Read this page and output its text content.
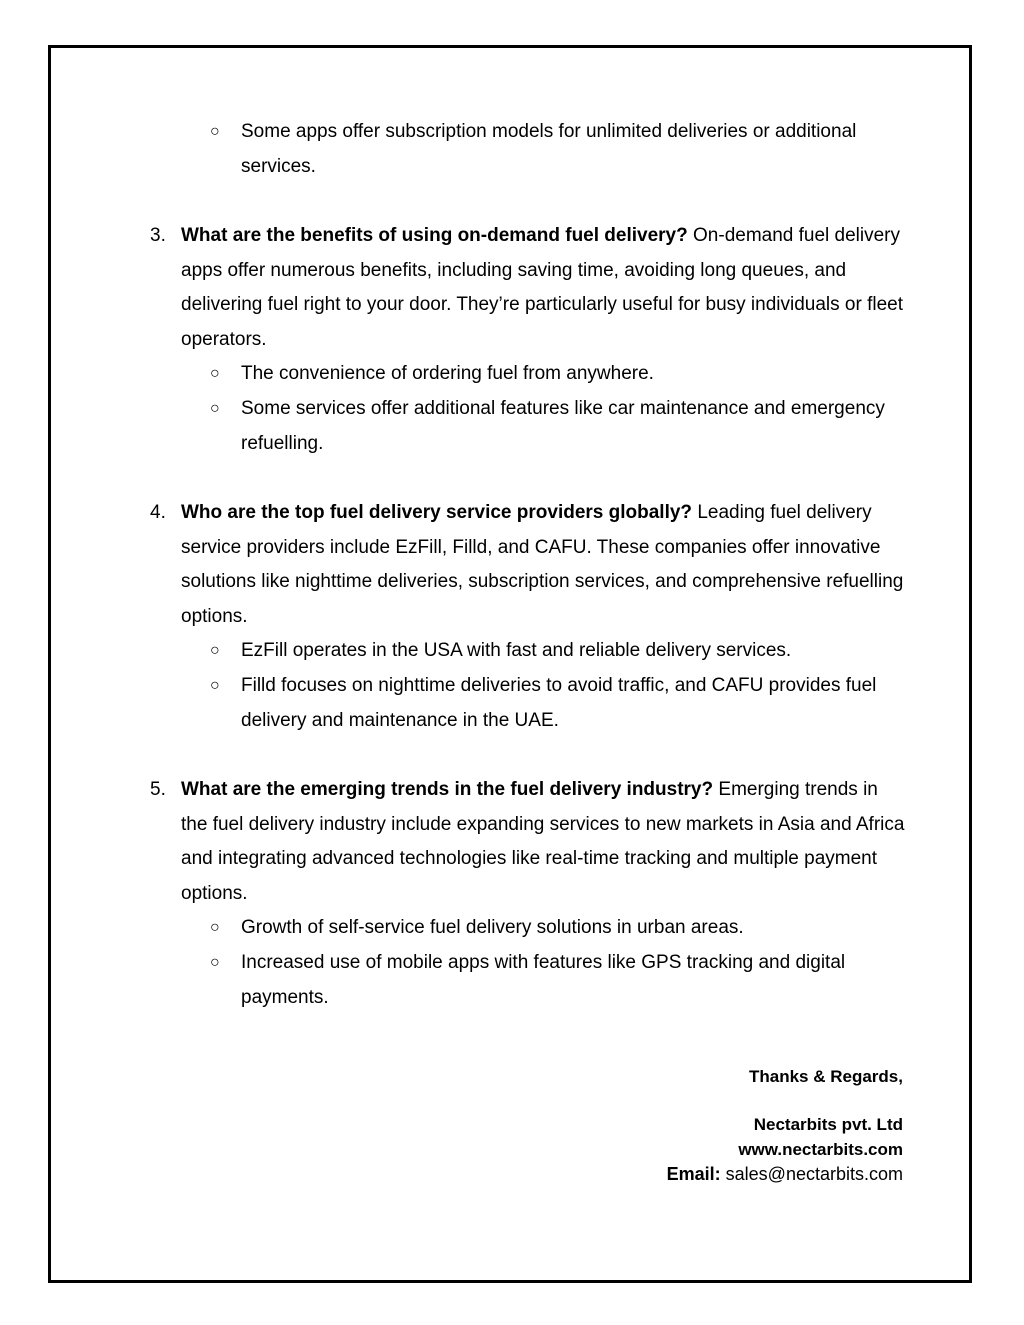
○ Some apps offer subscription models for unlimited deliveries or additional services.
3. What are the benefits of using on-demand fuel delivery? On-demand fuel delivery apps offer numerous benefits, including saving time, avoiding long queues, and delivering fuel right to your door. They’re particularly useful for busy individuals or fleet operators.
○ The convenience of ordering fuel from anywhere.
○ Some services offer additional features like car maintenance and emergency refuelling.
4. Who are the top fuel delivery service providers globally? Leading fuel delivery service providers include EzFill, Filld, and CAFU. These companies offer innovative solutions like nighttime deliveries, subscription services, and comprehensive refuelling options.
○ EzFill operates in the USA with fast and reliable delivery services.
○ Filld focuses on nighttime deliveries to avoid traffic, and CAFU provides fuel delivery and maintenance in the UAE.
5. What are the emerging trends in the fuel delivery industry? Emerging trends in the fuel delivery industry include expanding services to new markets in Asia and Africa and integrating advanced technologies like real-time tracking and multiple payment options.
○ Growth of self-service fuel delivery solutions in urban areas.
○ Increased use of mobile apps with features like GPS tracking and digital payments.
Thanks & Regards,
Nectarbits pvt. Ltd
www.nectarbits.com
Email: sales@nectarbits.com
